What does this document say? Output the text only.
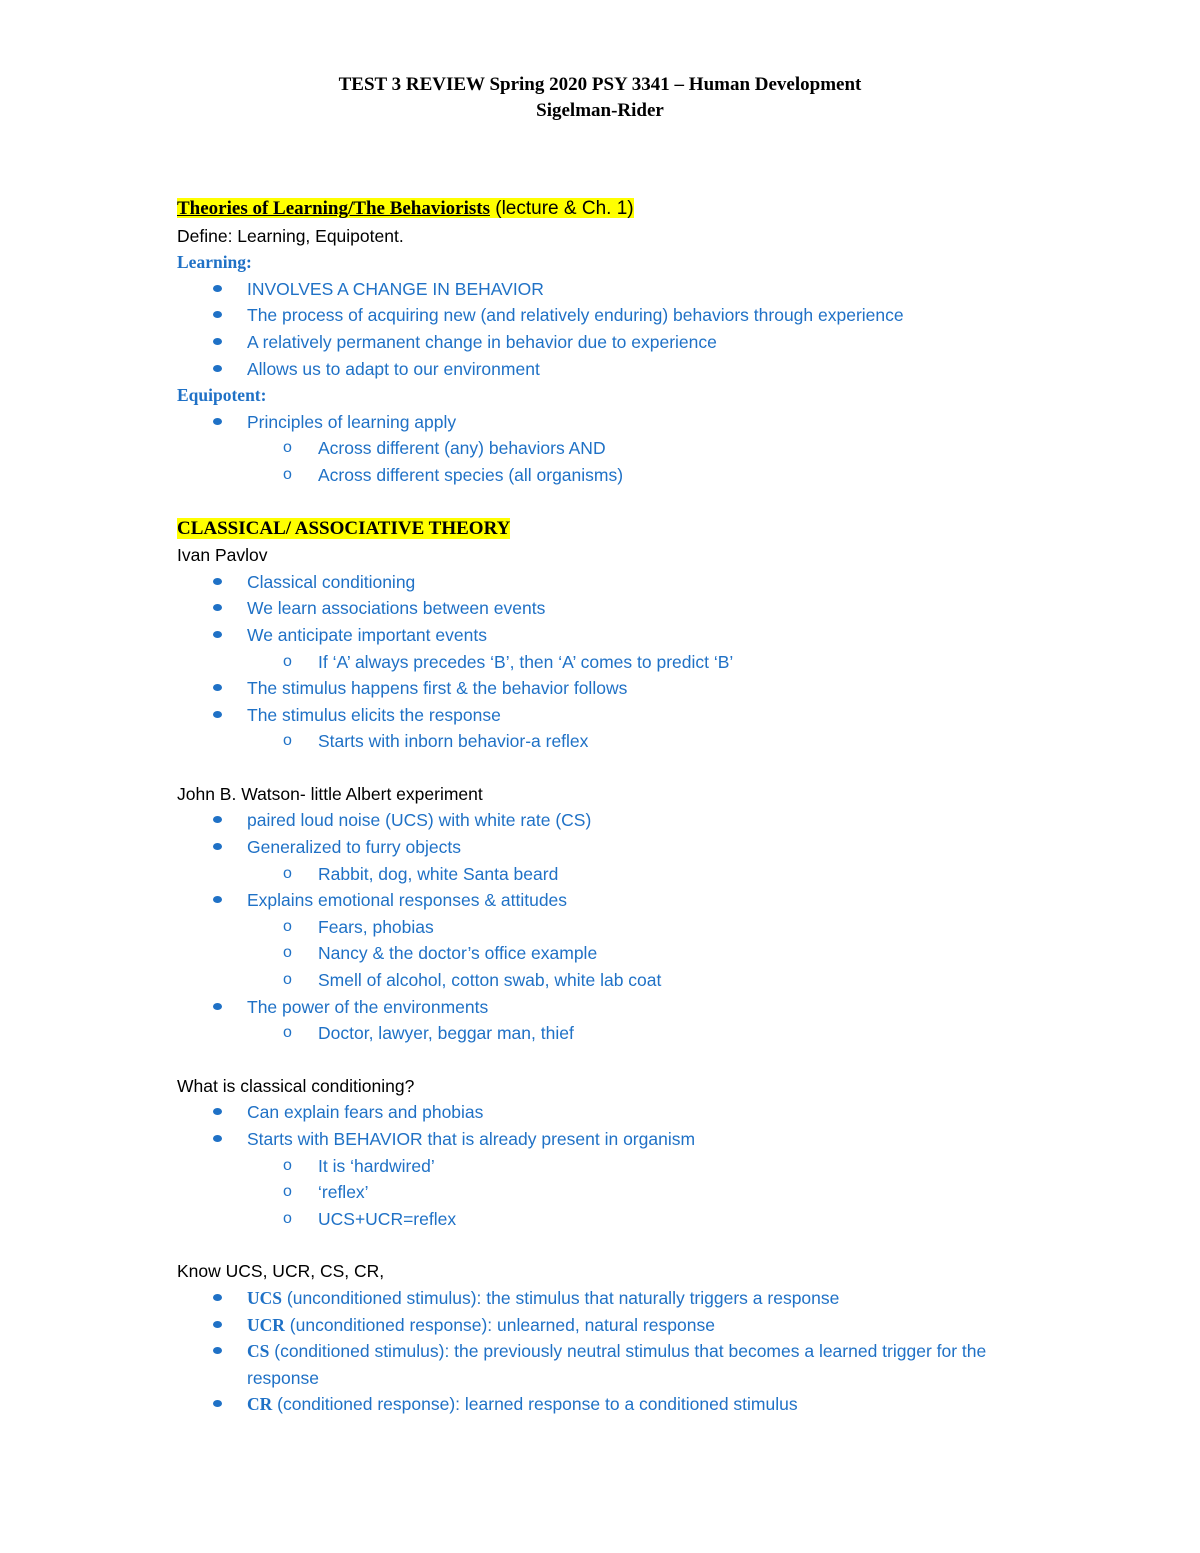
TEST 3 REVIEW Spring 2020 PSY 3341 – Human Development
Sigelman-Rider
Theories of Learning/The Behaviorists (lecture & Ch. 1)
Define: Learning, Equipotent.
Learning:
INVOLVES A CHANGE IN BEHAVIOR
The process of acquiring new (and relatively enduring) behaviors through experience
A relatively permanent change in behavior due to experience
Allows us to adapt to our environment
Equipotent:
Principles of learning apply
o Across different (any) behaviors AND
o Across different species (all organisms)
CLASSICAL/ ASSOCIATIVE THEORY
Ivan Pavlov
Classical conditioning
We learn associations between events
We anticipate important events
o If ‘A’ always precedes ‘B’, then ‘A’ comes to predict ‘B’
The stimulus happens first & the behavior follows
The stimulus elicits the response
o Starts with inborn behavior-a reflex
John B. Watson- little Albert experiment
paired loud noise (UCS) with white rate (CS)
Generalized to furry objects
o Rabbit, dog, white Santa beard
Explains emotional responses & attitudes
o Fears, phobias
o Nancy & the doctor’s office example
o Smell of alcohol, cotton swab, white lab coat
The power of the environments
o Doctor, lawyer, beggar man, thief
What is classical conditioning?
Can explain fears and phobias
Starts with BEHAVIOR that is already present in organism
o It is ‘hardwired’
o ‘reflex’
o UCS+UCR=reflex
Know UCS, UCR, CS, CR,
UCS (unconditioned stimulus): the stimulus that naturally triggers a response
UCR (unconditioned response): unlearned, natural response
CS (conditioned stimulus): the previously neutral stimulus that becomes a learned trigger for the response
CR (conditioned response): learned response to a conditioned stimulus
